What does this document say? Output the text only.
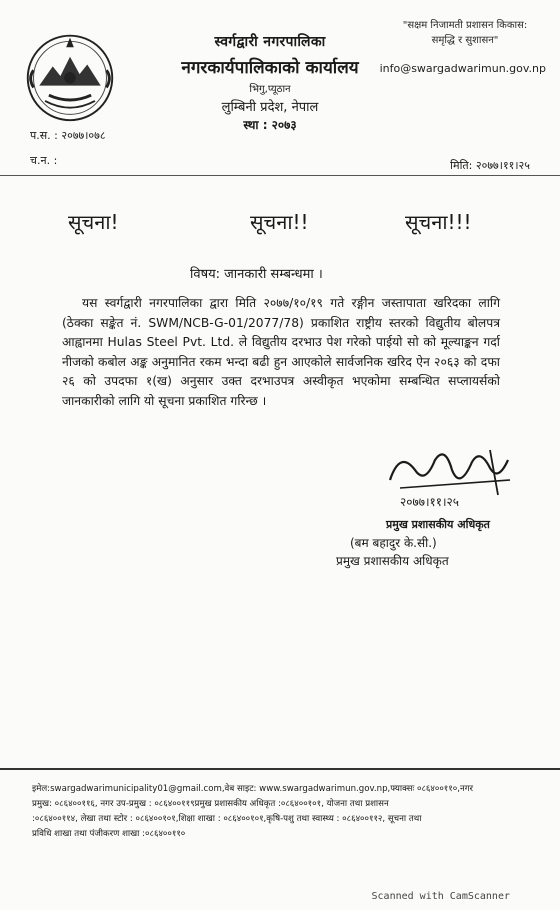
"सक्षम निजामती प्रशासन किकास: समृद्धि र सुशासन"
info@swargadwarimun.gov.np
स्वर्गद्वारी नगरपालिका
नगरकार्यपालिकाको कार्यालय
भिगु,प्यूठान
लुम्बिनी प्रदेश, नेपाल
स्था : २०७३
प.स. : २०७७।०७८
च.न. :	मिति: २०७७।११।२५
सूचना!	सूचना!!	सूचना!!!
विषय: जानकारी सम्बन्धमा ।
यस स्वर्गद्वारी नगरपालिका द्वारा मिति २०७७/१०/१९ गते रङ्गीन जस्तापाता खरिदका लागि (ठेक्का सङ्केत नं. SWM/NCB-G-01/2077/78) प्रकाशित राष्ट्रीय स्तरको विद्युतीय बोलपत्र आह्वानमा Hulas Steel Pvt. Ltd. ले विद्युतीय दरभाउ पेश गरेको पाईयो सो को मूल्याङ्कन गर्दा नीजको कबोल अङ्क अनुमानित रकम भन्दा बढी हुन आएकोले सार्वजनिक खरिद ऐन २०६३ को दफा २६ को उपदफा १(ख) अनुसार उक्त दरभाउपत्र अस्वीकृत भएकोमा सम्बन्धित सप्लायर्सको जानकारीको लागि यो सूचना प्रकाशित गरिन्छ ।
२०७७।११।२५
प्रमुख प्रशासकीय अधिकृत
(बम बहादुर के.सी.)
प्रमुख प्रशासकीय अधिकृत
इमेल:swargadwarimunicipality01@gmail.com,वेब साइट: www.swargadwarimun.gov.np,फ्याक्सः ०८६४००११०,नगर
प्रमुख: ०८६४००११६, नगर उप-प्रमुख : ०८६४००११९प्रमुख प्रशासकीय अधिकृत :०८६४००१०१, योजना तथा प्रशासन
:०८६४००११४, लेखा तथा स्टोर : ०८६४००१०१,शिक्षा शाखा : ०८६४००१०१,कृषि-पशु तथा स्वास्थ्य : ०८६४००११२, सूचना तथा
प्रविधि शाखा तथा पंजीकरण शाखा :०८६४००११०
Scanned with CamScanner
